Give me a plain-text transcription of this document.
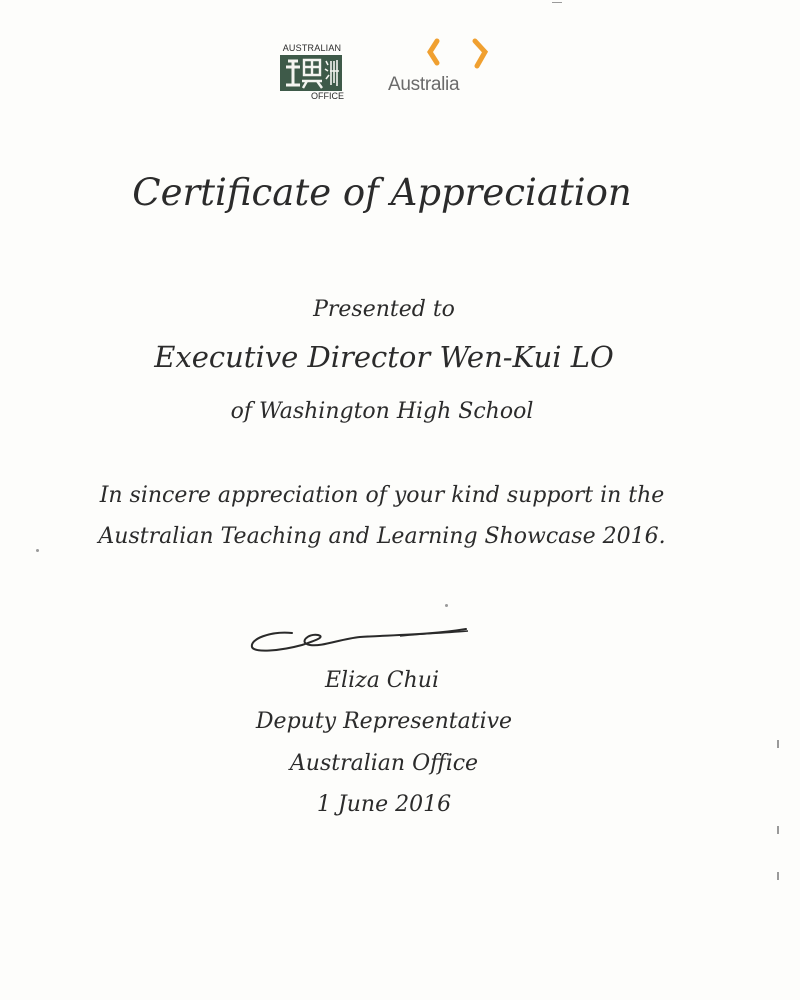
AUSTRALIAN
OFFICE
Australia
Certificate of Appreciation
Presented to
Executive Director Wen-Kui LO
of Washington High School
In sincere appreciation of your kind support in the
Australian Teaching and Learning Showcase 2016.
Eliza Chui
Deputy Representative
Australian Office
1 June 2016
